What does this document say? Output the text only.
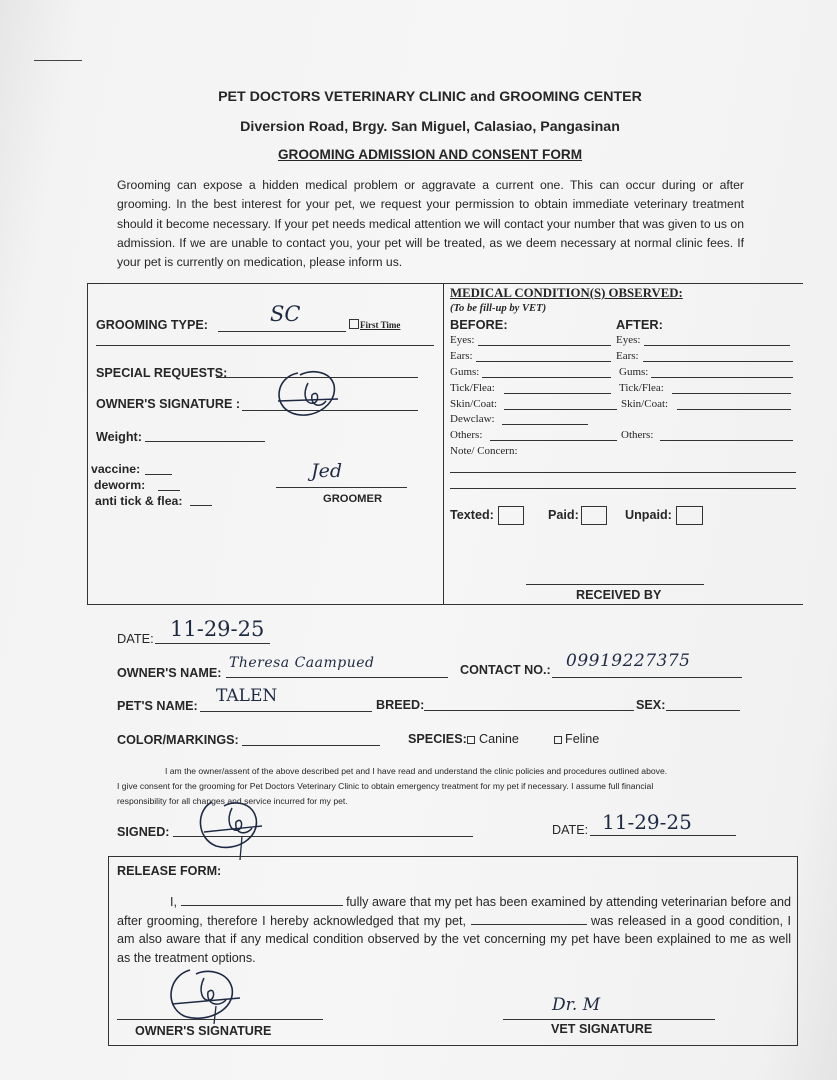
PET DOCTORS VETERINARY CLINIC and GROOMING CENTER
Diversion Road, Brgy. San Miguel, Calasiao, Pangasinan
GROOMING ADMISSION AND CONSENT FORM
Grooming can expose a hidden medical problem or aggravate a current one. This can occur during or after grooming. In the best interest for your pet, we request your permission to obtain immediate veterinary treatment should it become necessary. If your pet needs medical attention we will contact your number that was given to us on admission. If we are unable to contact you, your pet will be treated, as we deem necessary at normal clinic fees. If your pet is currently on medication, please inform us.
GROOMING TYPE:	SC	First Time
SPECIAL REQUESTS:
OWNER'S SIGNATURE :
Weight:
vaccine:
deworm:
anti tick & flea:
Jed
GROOMER
MEDICAL CONDITION(S) OBSERVED:
(To be fill-up by VET)
BEFORE:	AFTER:
Eyes:	Eyes:
Ears:	Ears:
Gums:	Gums:
Tick/Flea:	Tick/Flea:
Skin/Coat:	Skin/Coat:
Dewclaw:
Others:	Others:
Note/ Concern:
Texted:	Paid:	Unpaid:
RECEIVED BY
DATE: 11-29-25
OWNER'S NAME:
Theresa Caampued	CONTACT NO.: 09919227375
PET'S NAME: TALEN	BREED:	SEX:
COLOR/MARKINGS:	SPECIES: Canine	Feline
I am the owner/assent of the above described pet and I have read and understand the clinic policies and procedures outlined above.
I give consent for the grooming for Pet Doctors Veterinary Clinic to obtain emergency treatment for my pet if necessary. I assume full financial
responsibility for all changes and service incurred for my pet.
SIGNED:	DATE: 11-29-25
RELEASE FORM:
I,	fully aware that my pet has been examined by attending veterinarian before and after grooming, therefore I hereby acknowledged that my pet,	was released in a good condition, I am also aware that if any medical condition observed by the vet concerning my pet have been explained to me as well as the treatment options.
OWNER'S SIGNATURE
Dr. M
VET SIGNATURE
